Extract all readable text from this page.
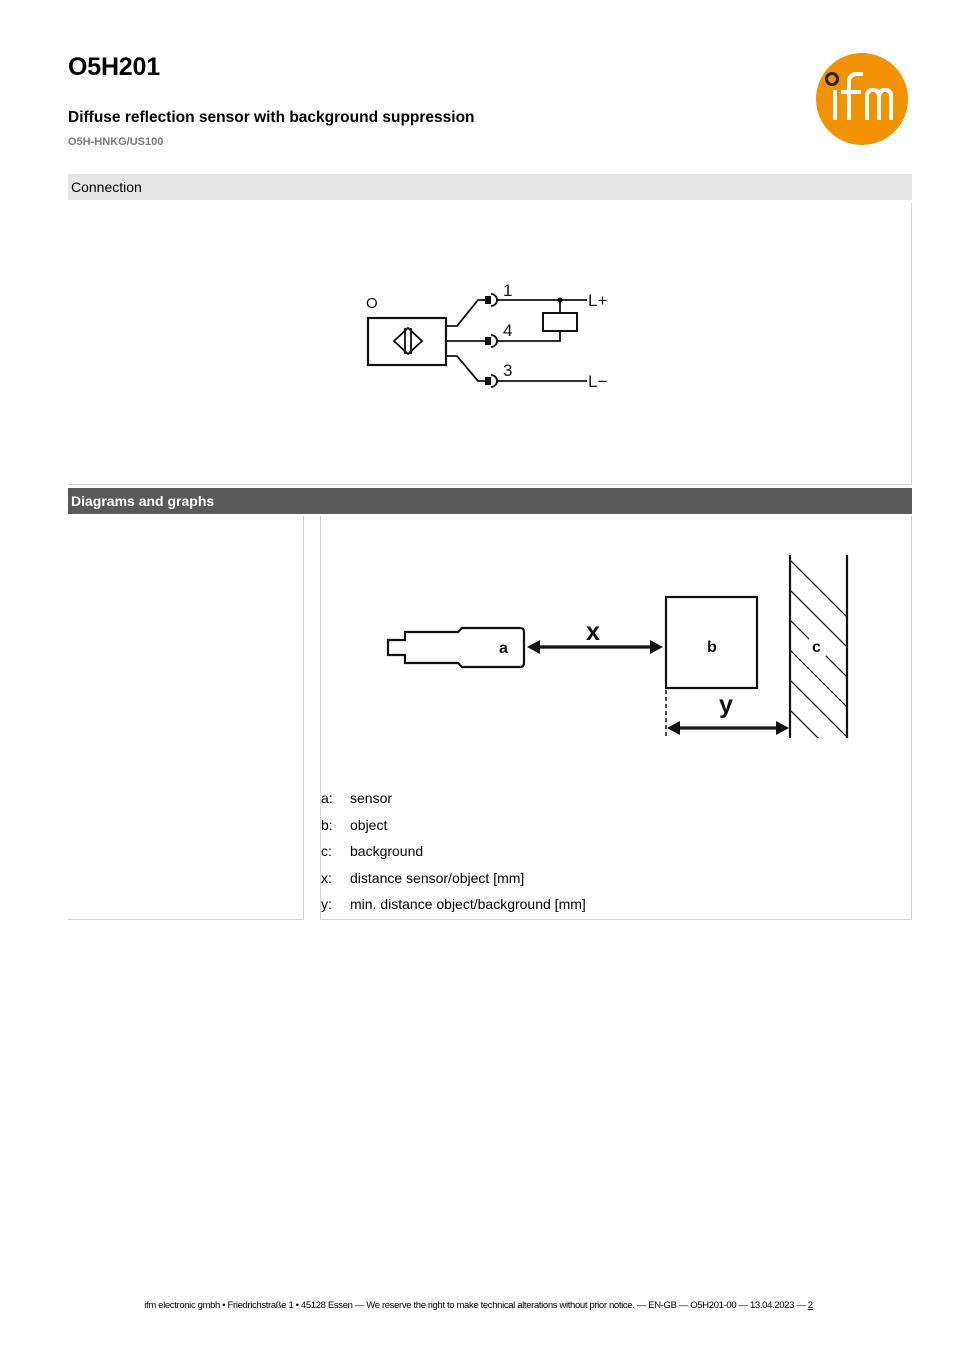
O5H201
Diffuse reflection sensor with background suppression
O5H-HNKG/US100
ifm
Connection
O
1
4
3
L+
L−
Diagrams and graphs
a	b	c
x
y
a:	sensor
b:	object
c:	background
x:	distance sensor/object [mm]
y:	min. distance object/background [mm]
ifm electronic gmbh • Friedrichstraße 1 • 45128 Essen — We reserve the right to make technical alterations without prior notice. — EN-GB — O5H201-00 — 13.04.2023 — 2
